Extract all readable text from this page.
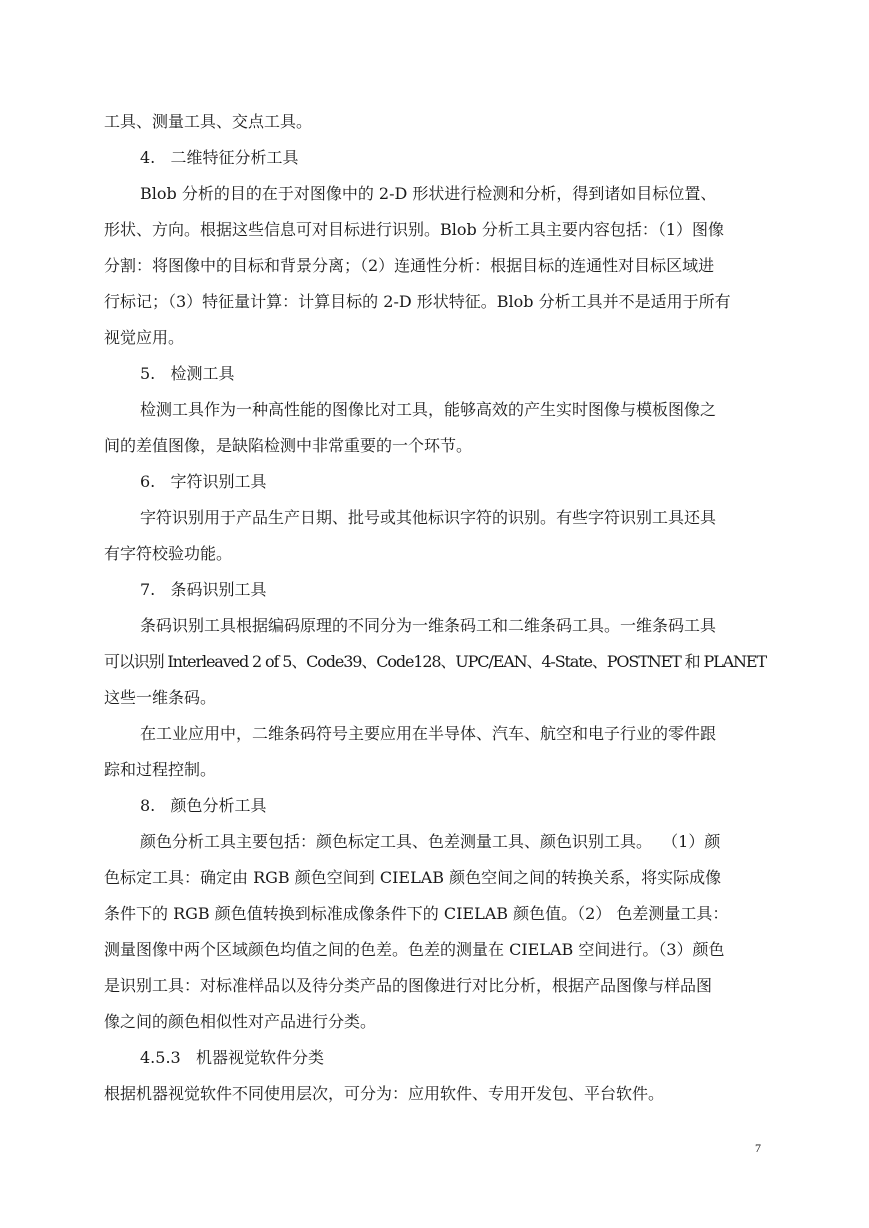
工具、测量工具、交点工具。

4.   二维特征分析工具

Blob 分析的目的在于对图像中的 2-D 形状进行检测和分析，得到诸如目标位置、

形状、方向。根据这些信息可对目标进行识别。Blob 分析工具主要内容包括：（1）图像

分割：将图像中的目标和背景分离；（2）连通性分析：根据目标的连通性对目标区域进

行标记；（3）特征量计算：计算目标的 2-D 形状特征。Blob 分析工具并不是适用于所有

视觉应用。

5.   检测工具

检测工具作为一种高性能的图像比对工具，能够高效的产生实时图像与模板图像之

间的差值图像，是缺陷检测中非常重要的一个环节。

6.   字符识别工具

字符识别用于产品生产日期、批号或其他标识字符的识别。有些字符识别工具还具

有字符校验功能。

7.   条码识别工具

条码识别工具根据编码原理的不同分为一维条码工和二维条码工具。一维条码工具

可以识别 Interleaved 2 of 5、Code39、Code128、UPC/EAN、4-State、POSTNET 和 PLANET

这些一维条码。

在工业应用中，二维条码符号主要应用在半导体、汽车、航空和电子行业的零件跟

踪和过程控制。

8.   颜色分析工具

颜色分析工具主要包括：颜色标定工具、色差测量工具、颜色识别工具。  （1）颜

色标定工具：确定由 RGB 颜色空间到 CIELAB 颜色空间之间的转换关系，将实际成像

条件下的 RGB 颜色值转换到标准成像条件下的 CIELAB 颜色值。（2） 色差测量工具：

测量图像中两个区域颜色均值之间的色差。色差的测量在 CIELAB 空间进行。（3）颜色

是识别工具：对标准样品以及待分类产品的图像进行对比分析，根据产品图像与样品图

像之间的颜色相似性对产品进行分类。

4.5.3   机器视觉软件分类

根据机器视觉软件不同使用层次，可分为：应用软件、专用开发包、平台软件。

7
